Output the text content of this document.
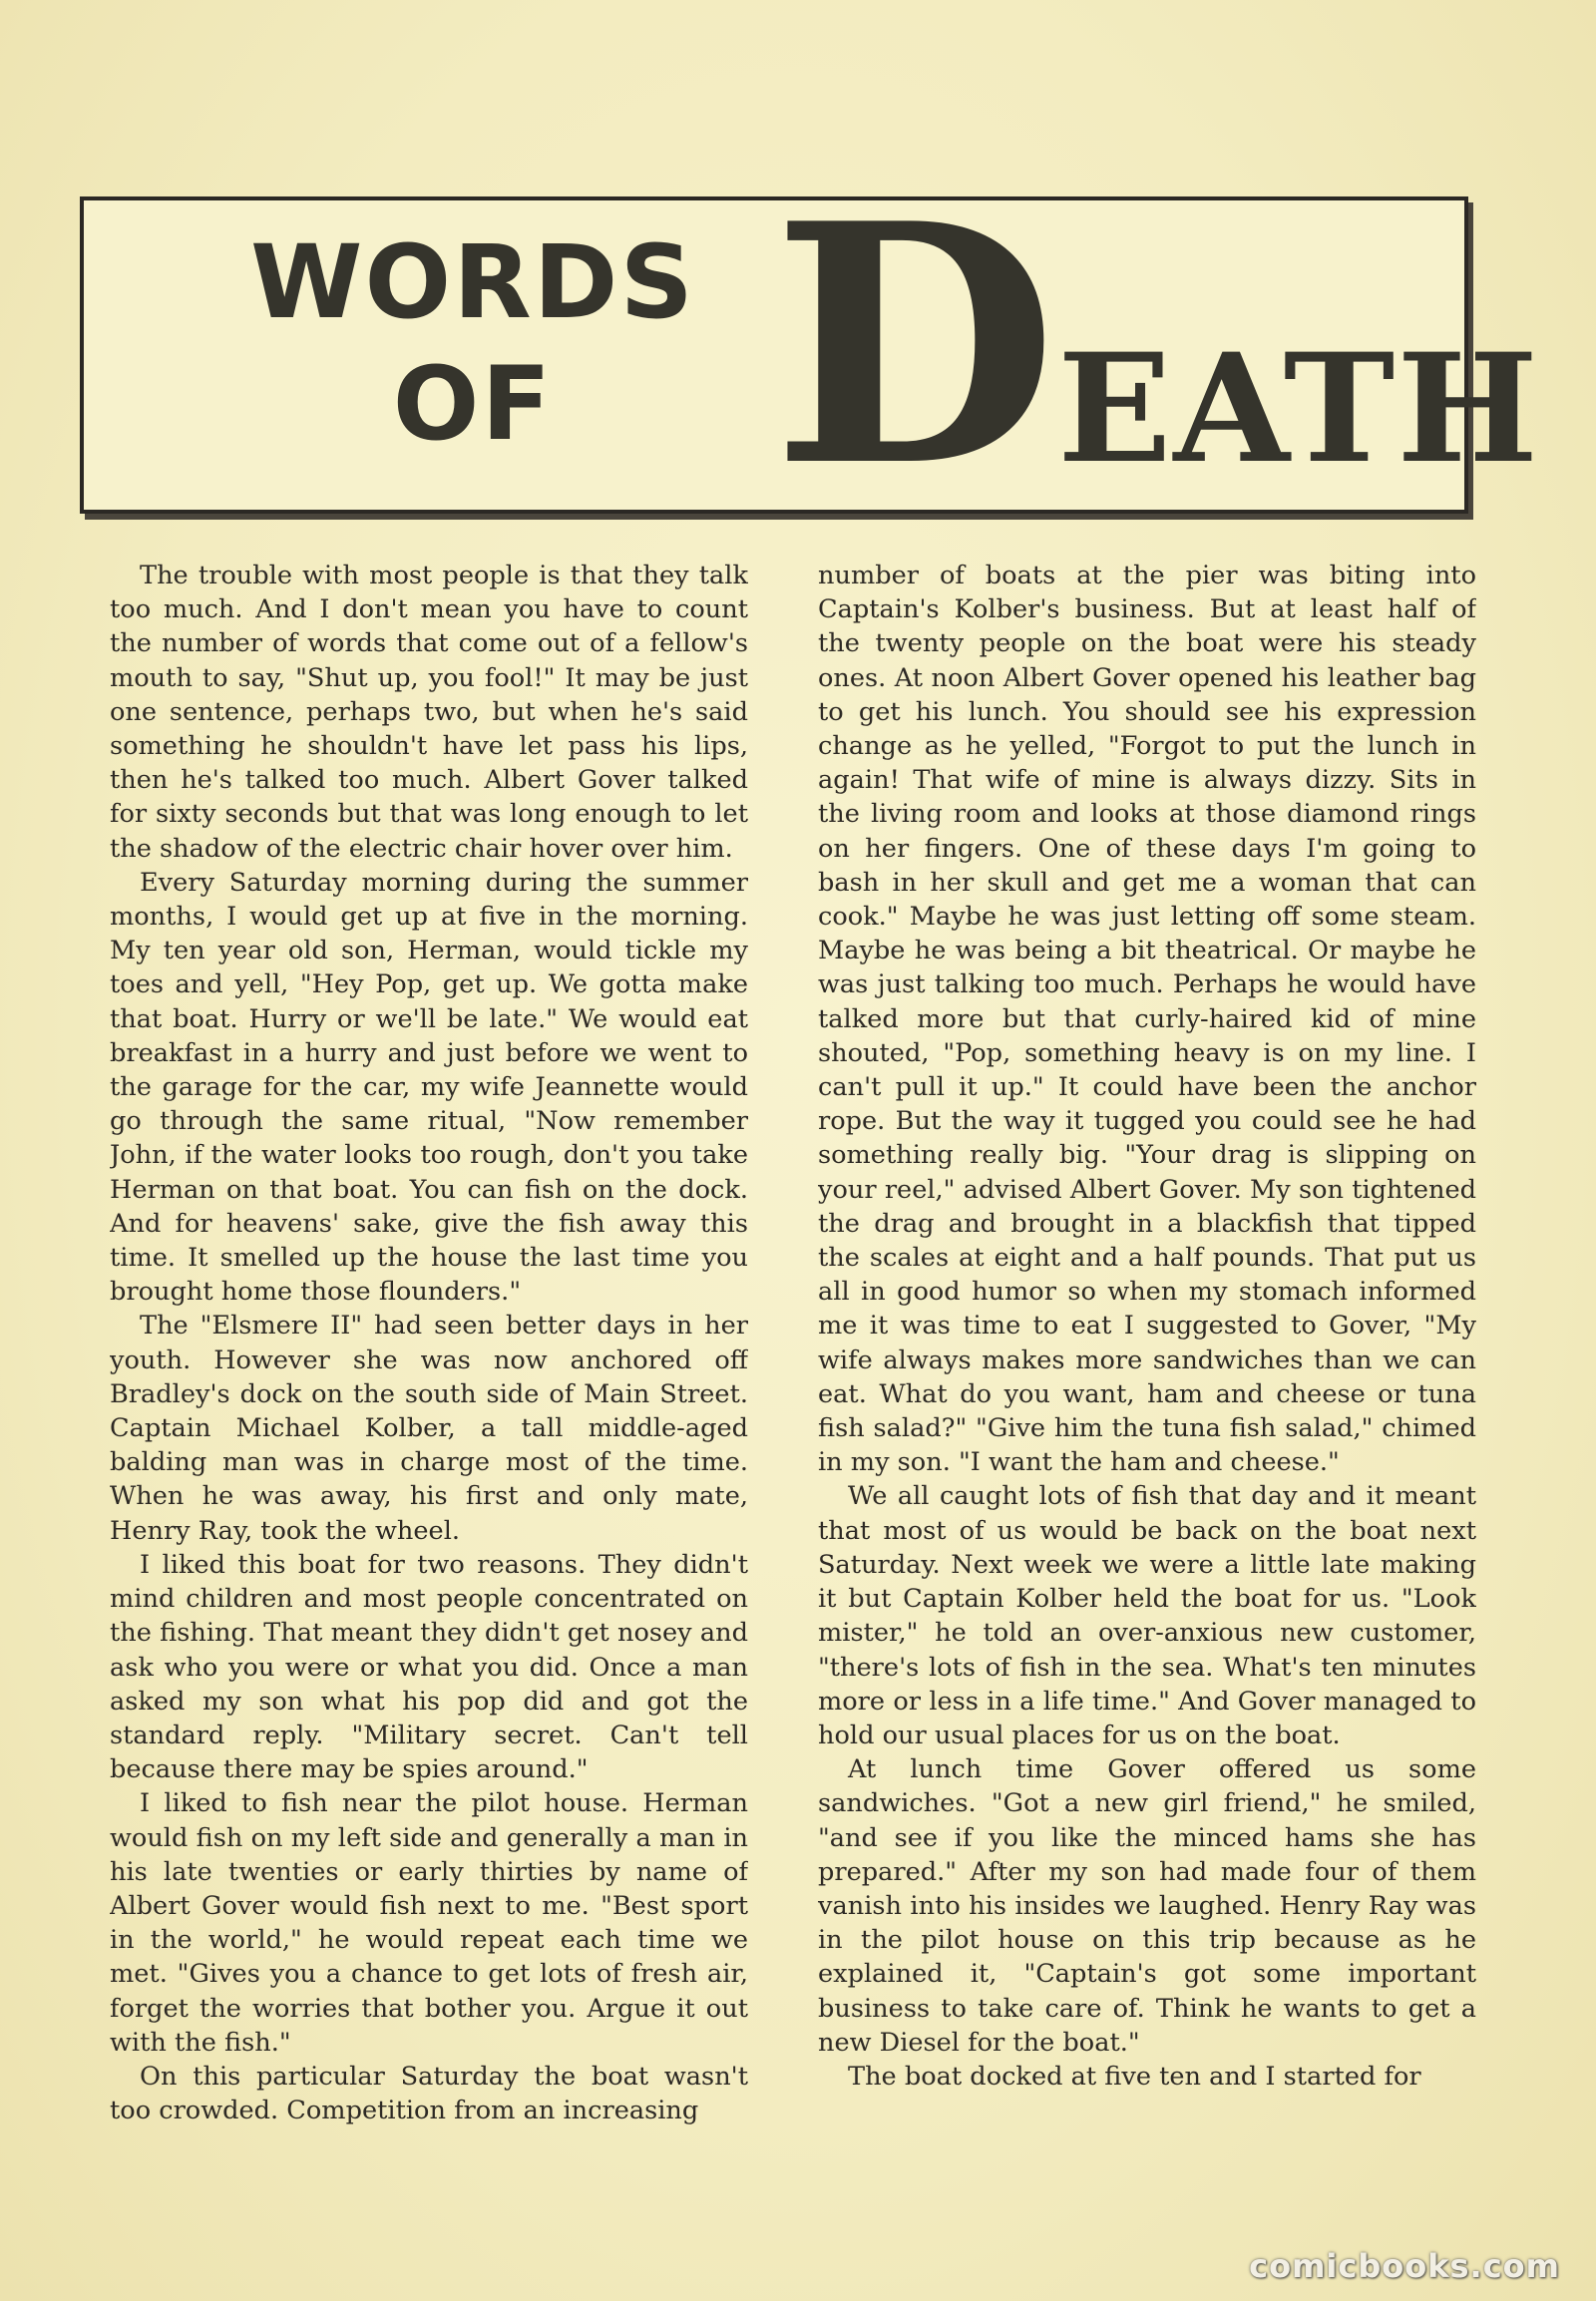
WORDS
OF DEATH

The trouble with most people is that they talk too much. And I don't mean you have to count the number of words that come out of a fellow's mouth to say, "Shut up, you fool!" It may be just one sentence, perhaps two, but when he's said something he shouldn't have let pass his lips, then he's talked too much. Albert Gover talked for sixty seconds but that was long enough to let the shadow of the electric chair hover over him.

Every Saturday morning during the summer months, I would get up at five in the morning. My ten year old son, Herman, would tickle my toes and yell, "Hey Pop, get up. We gotta make that boat. Hurry or we'll be late." We would eat breakfast in a hurry and just before we went to the garage for the car, my wife Jeannette would go through the same ritual, "Now remember John, if the water looks too rough, don't you take Herman on that boat. You can fish on the dock. And for heavens' sake, give the fish away this time. It smelled up the house the last time you brought home those flounders."

The "Elsmere II" had seen better days in her youth. However she was now anchored off Bradley's dock on the south side of Main Street. Captain Michael Kolber, a tall middle-aged balding man was in charge most of the time. When he was away, his first and only mate, Henry Ray, took the wheel.

I liked this boat for two reasons. They didn't mind children and most people concentrated on the fishing. That meant they didn't get nosey and ask who you were or what you did. Once a man asked my son what his pop did and got the standard reply. "Military secret. Can't tell because there may be spies around."

I liked to fish near the pilot house. Herman would fish on my left side and generally a man in his late twenties or early thirties by name of Albert Gover would fish next to me. "Best sport in the world," he would repeat each time we met. "Gives you a chance to get lots of fresh air, forget the worries that bother you. Argue it out with the fish."

On this particular Saturday the boat wasn't too crowded. Competition from an increasing

number of boats at the pier was biting into Captain's Kolber's business. But at least half of the twenty people on the boat were his steady ones. At noon Albert Gover opened his leather bag to get his lunch. You should see his expression change as he yelled, "Forgot to put the lunch in again! That wife of mine is always dizzy. Sits in the living room and looks at those diamond rings on her fingers. One of these days I'm going to bash in her skull and get me a woman that can cook." Maybe he was just letting off some steam. Maybe he was being a bit theatrical. Or maybe he was just talking too much. Perhaps he would have talked more but that curly-haired kid of mine shouted, "Pop, something heavy is on my line. I can't pull it up." It could have been the anchor rope. But the way it tugged you could see he had something really big. "Your drag is slipping on your reel," advised Albert Gover. My son tightened the drag and brought in a blackfish that tipped the scales at eight and a half pounds. That put us all in good humor so when my stomach informed me it was time to eat I suggested to Gover, "My wife always makes more sandwiches than we can eat. What do you want, ham and cheese or tuna fish salad?" "Give him the tuna fish salad," chimed in my son. "I want the ham and cheese."

We all caught lots of fish that day and it meant that most of us would be back on the boat next Saturday. Next week we were a little late making it but Captain Kolber held the boat for us. "Look mister," he told an over-anxious new customer, "there's lots of fish in the sea. What's ten minutes more or less in a life time." And Gover managed to hold our usual places for us on the boat.

At lunch time Gover offered us some sandwiches. "Got a new girl friend," he smiled, "and see if you like the minced hams she has prepared." After my son had made four of them vanish into his insides we laughed. Henry Ray was in the pilot house on this trip because as he explained it, "Captain's got some important business to take care of. Think he wants to get a new Diesel for the boat."

The boat docked at five ten and I started for

comicbooks.com
